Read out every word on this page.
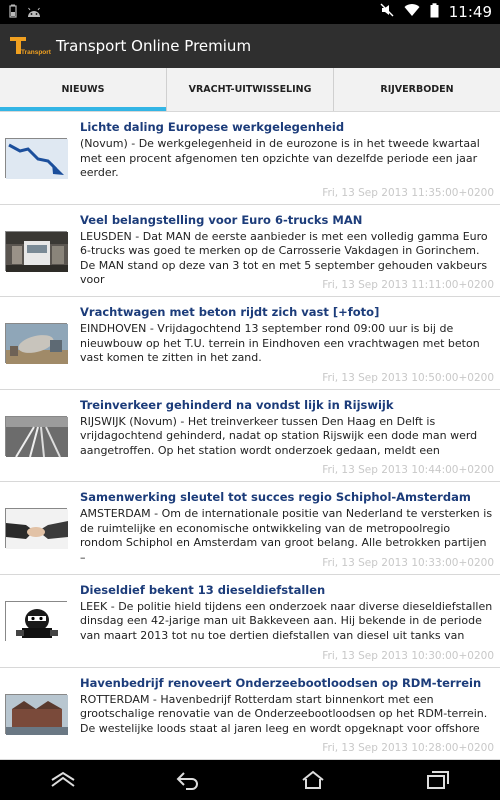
11:49
Transport Transport Online Premium
NIEUWS	VRACHT-UITWISSELING	RIJVERBODEN
Lichte daling Europese werkgelegenheid
(Novum) - De werkgelegenheid in de eurozone is in het tweede kwartaal met een procent afgenomen ten opzichte van dezelfde periode een jaar eerder.
Fri, 13 Sep 2013 11:35:00+0200
Veel belangstelling voor Euro 6-trucks MAN
LEUSDEN - Dat MAN de eerste aanbieder is met een volledig gamma Euro 6-trucks was goed te merken op de Carrosserie Vakdagen in Gorinchem. De MAN stand op deze van 3 tot en met 5 september gehouden vakbeurs voor	Fri, 13 Sep 2013 11:11:00+0200
Vrachtwagen met beton rijdt zich vast [+foto]
EINDHOVEN - Vrijdagochtend 13 september rond 09:00 uur is bij de nieuwbouw op het T.U. terrein in Eindhoven een vrachtwagen met beton vast komen te zitten in het zand.
Fri, 13 Sep 2013 10:50:00+0200
Treinverkeer gehinderd na vondst lijk in Rijswijk
RIJSWIJK (Novum) - Het treinverkeer tussen Den Haag en Delft is vrijdagochtend gehinderd, nadat op station Rijswijk een dode man werd aangetroffen. Op het station wordt onderzoek gedaan, meldt een
Fri, 13 Sep 2013 10:44:00+0200
Samenwerking sleutel tot succes regio Schiphol-Amsterdam
AMSTERDAM - Om de internationale positie van Nederland te versterken is de ruimtelijke en economische ontwikkeling van de metropoolregio rondom Schiphol en Amsterdam van groot belang. Alle betrokken partijen –	Fri, 13 Sep 2013 10:33:00+0200
Dieseldief bekent 13 dieseldiefstallen
LEEK - De politie hield tijdens een onderzoek naar diverse dieseldiefstallen dinsdag een 42-jarige man uit Bakkeveen aan. Hij bekende in de periode van maart 2013 tot nu toe dertien diefstallen van diesel uit tanks van
Fri, 13 Sep 2013 10:30:00+0200
Havenbedrijf renoveert Onderzeebootloodsen op RDM-terrein
ROTTERDAM - Havenbedrijf Rotterdam start binnenkort met een grootschalige renovatie van de Onderzeebootloodsen op het RDM-terrein. De westelijke loods staat al jaren leeg en wordt opgeknapt voor offshore
Fri, 13 Sep 2013 10:28:00+0200
